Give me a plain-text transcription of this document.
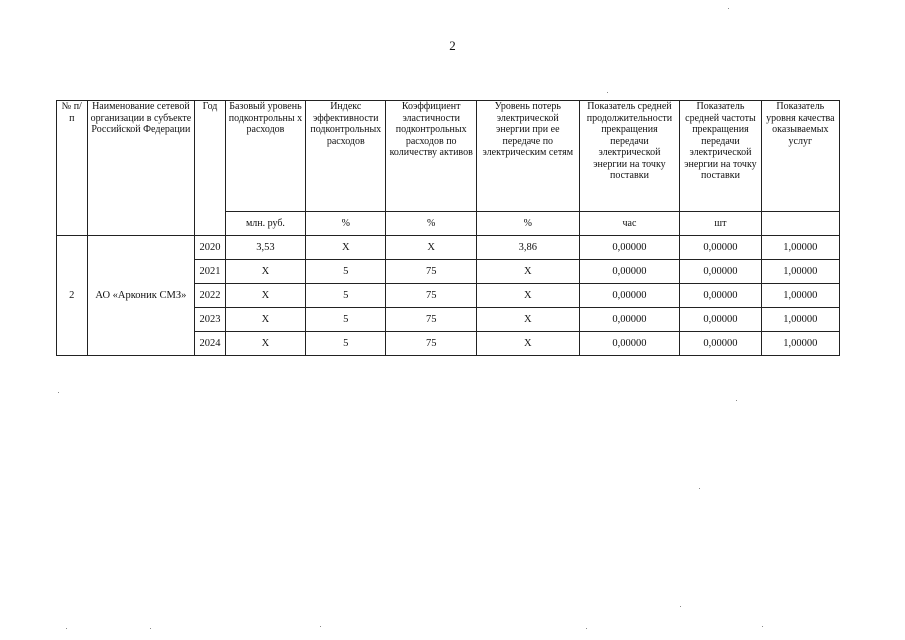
2
№ п/п	Наименование сетевой организации в субъекте Российской Федерации	Год	Базовый уровень подконтрольны х расходов	Индекс эффективности подконтрольных расходов	Коэффициент эластичности подконтрольных расходов по количеству активов	Уровень потерь электрической энергии при ее передаче по электрическим сетям	Показатель средней продолжительности прекращения передачи электрической энергии на точку поставки	Показатель средней частоты прекращения передачи электрической энергии на точку поставки	Показатель уровня качества оказываемых услуг
			млн. руб.	%	%	%	час	шт	
2	АО «Арконик СМЗ»	2020	3,53	Х	Х	3,86	0,00000	0,00000	1,00000
		2021	Х	5	75	Х	0,00000	0,00000	1,00000
		2022	Х	5	75	Х	0,00000	0,00000	1,00000
		2023	Х	5	75	Х	0,00000	0,00000	1,00000
		2024	Х	5	75	Х	0,00000	0,00000	1,00000
